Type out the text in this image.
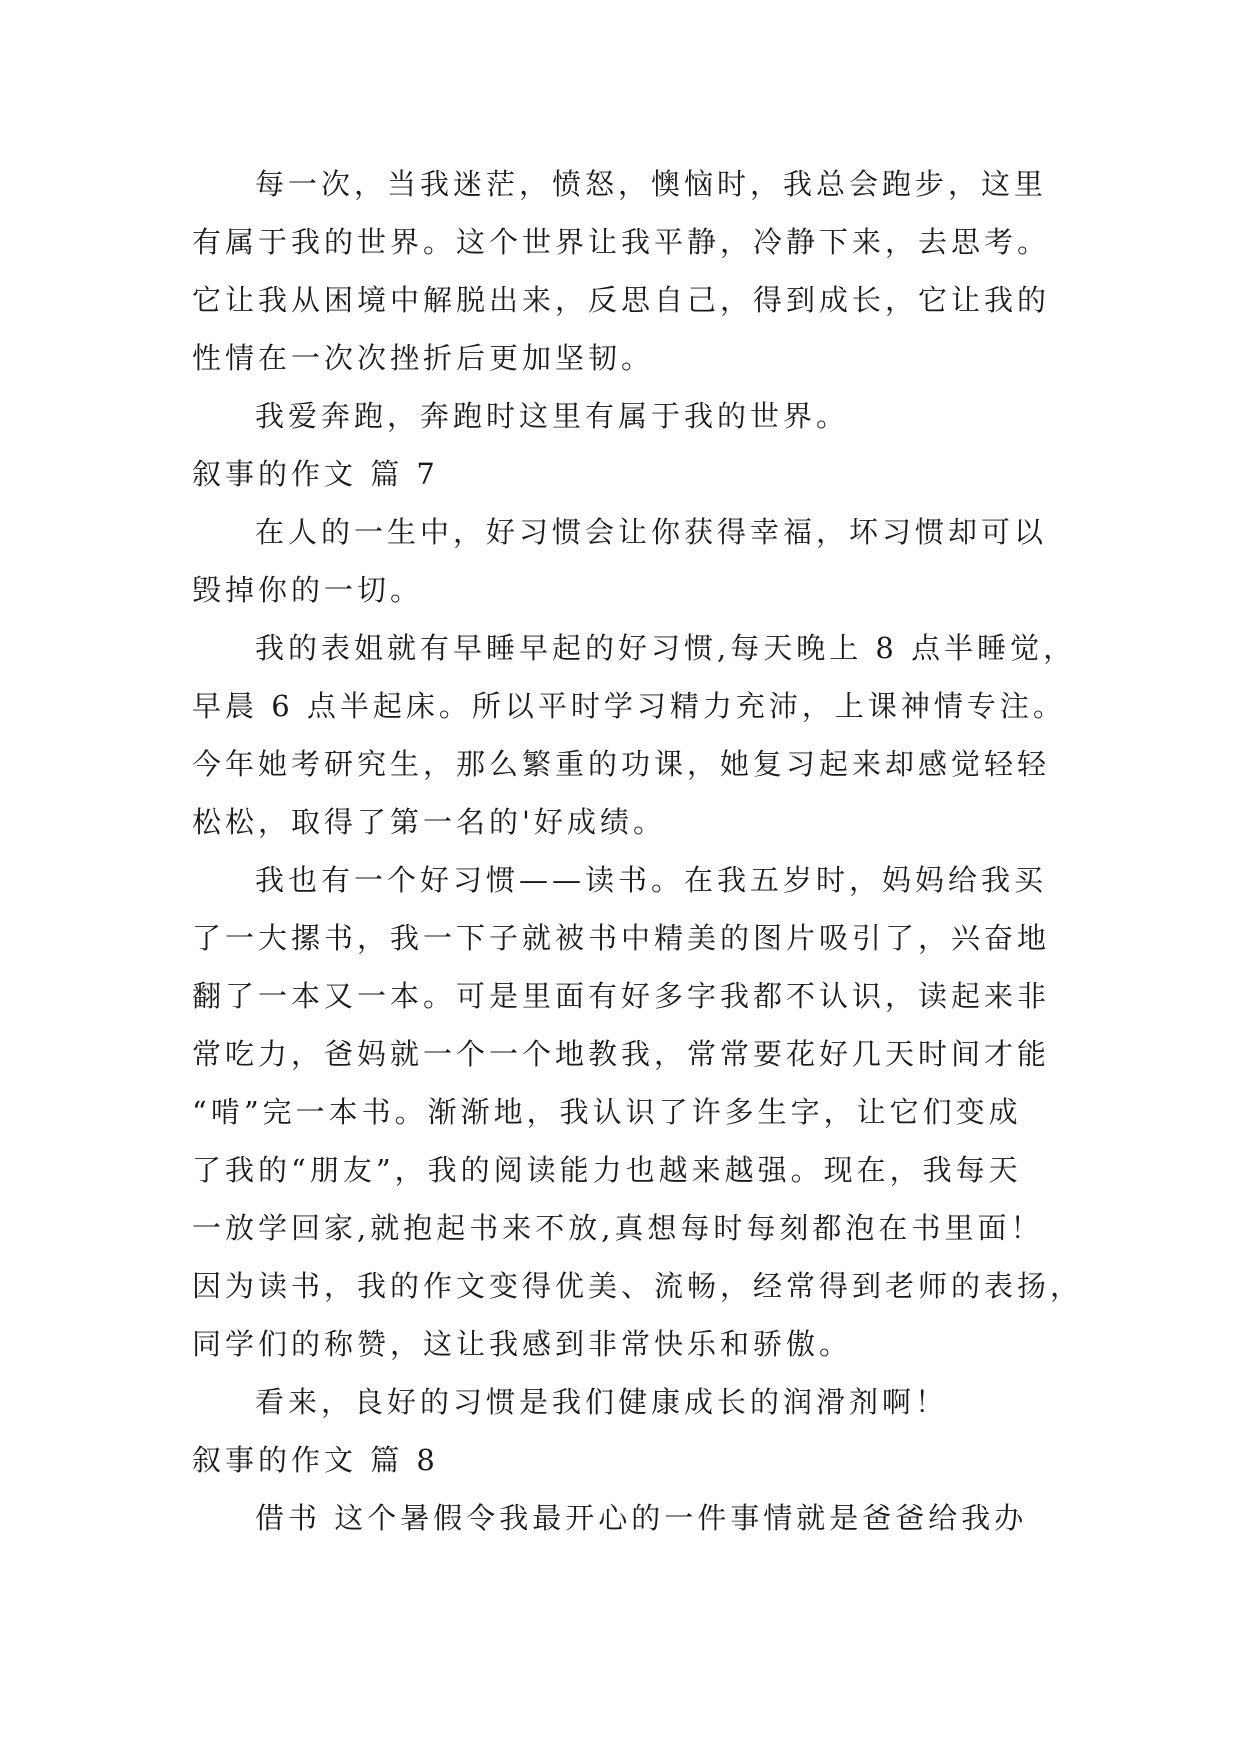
每一次，当我迷茫，愤怒，懊恼时，我总会跑步，这里
有属于我的世界。这个世界让我平静，冷静下来，去思考。
它让我从困境中解脱出来，反思自己，得到成长，它让我的
性情在一次次挫折后更加坚韧。
我爱奔跑，奔跑时这里有属于我的世界。
叙事的作文 篇 7
在人的一生中，好习惯会让你获得幸福，坏习惯却可以
毁掉你的一切。
我的表姐就有早睡早起的好习惯,每天晚上 8 点半睡觉，
早晨 6 点半起床。所以平时学习精力充沛，上课神情专注。
今年她考研究生，那么繁重的功课，她复习起来却感觉轻轻
松松，取得了第一名的'好成绩。
我也有一个好习惯——读书。在我五岁时，妈妈给我买
了一大摞书，我一下子就被书中精美的图片吸引了，兴奋地
翻了一本又一本。可是里面有好多字我都不认识，读起来非
常吃力，爸妈就一个一个地教我，常常要花好几天时间才能
“啃”完一本书。渐渐地，我认识了许多生字，让它们变成
了我的“朋友”，我的阅读能力也越来越强。现在，我每天
一放学回家,就抱起书来不放,真想每时每刻都泡在书里面！
因为读书，我的作文变得优美、流畅，经常得到老师的表扬，
同学们的称赞，这让我感到非常快乐和骄傲。
看来，良好的习惯是我们健康成长的润滑剂啊！
叙事的作文 篇 8
借书 这个暑假令我最开心的一件事情就是爸爸给我办
